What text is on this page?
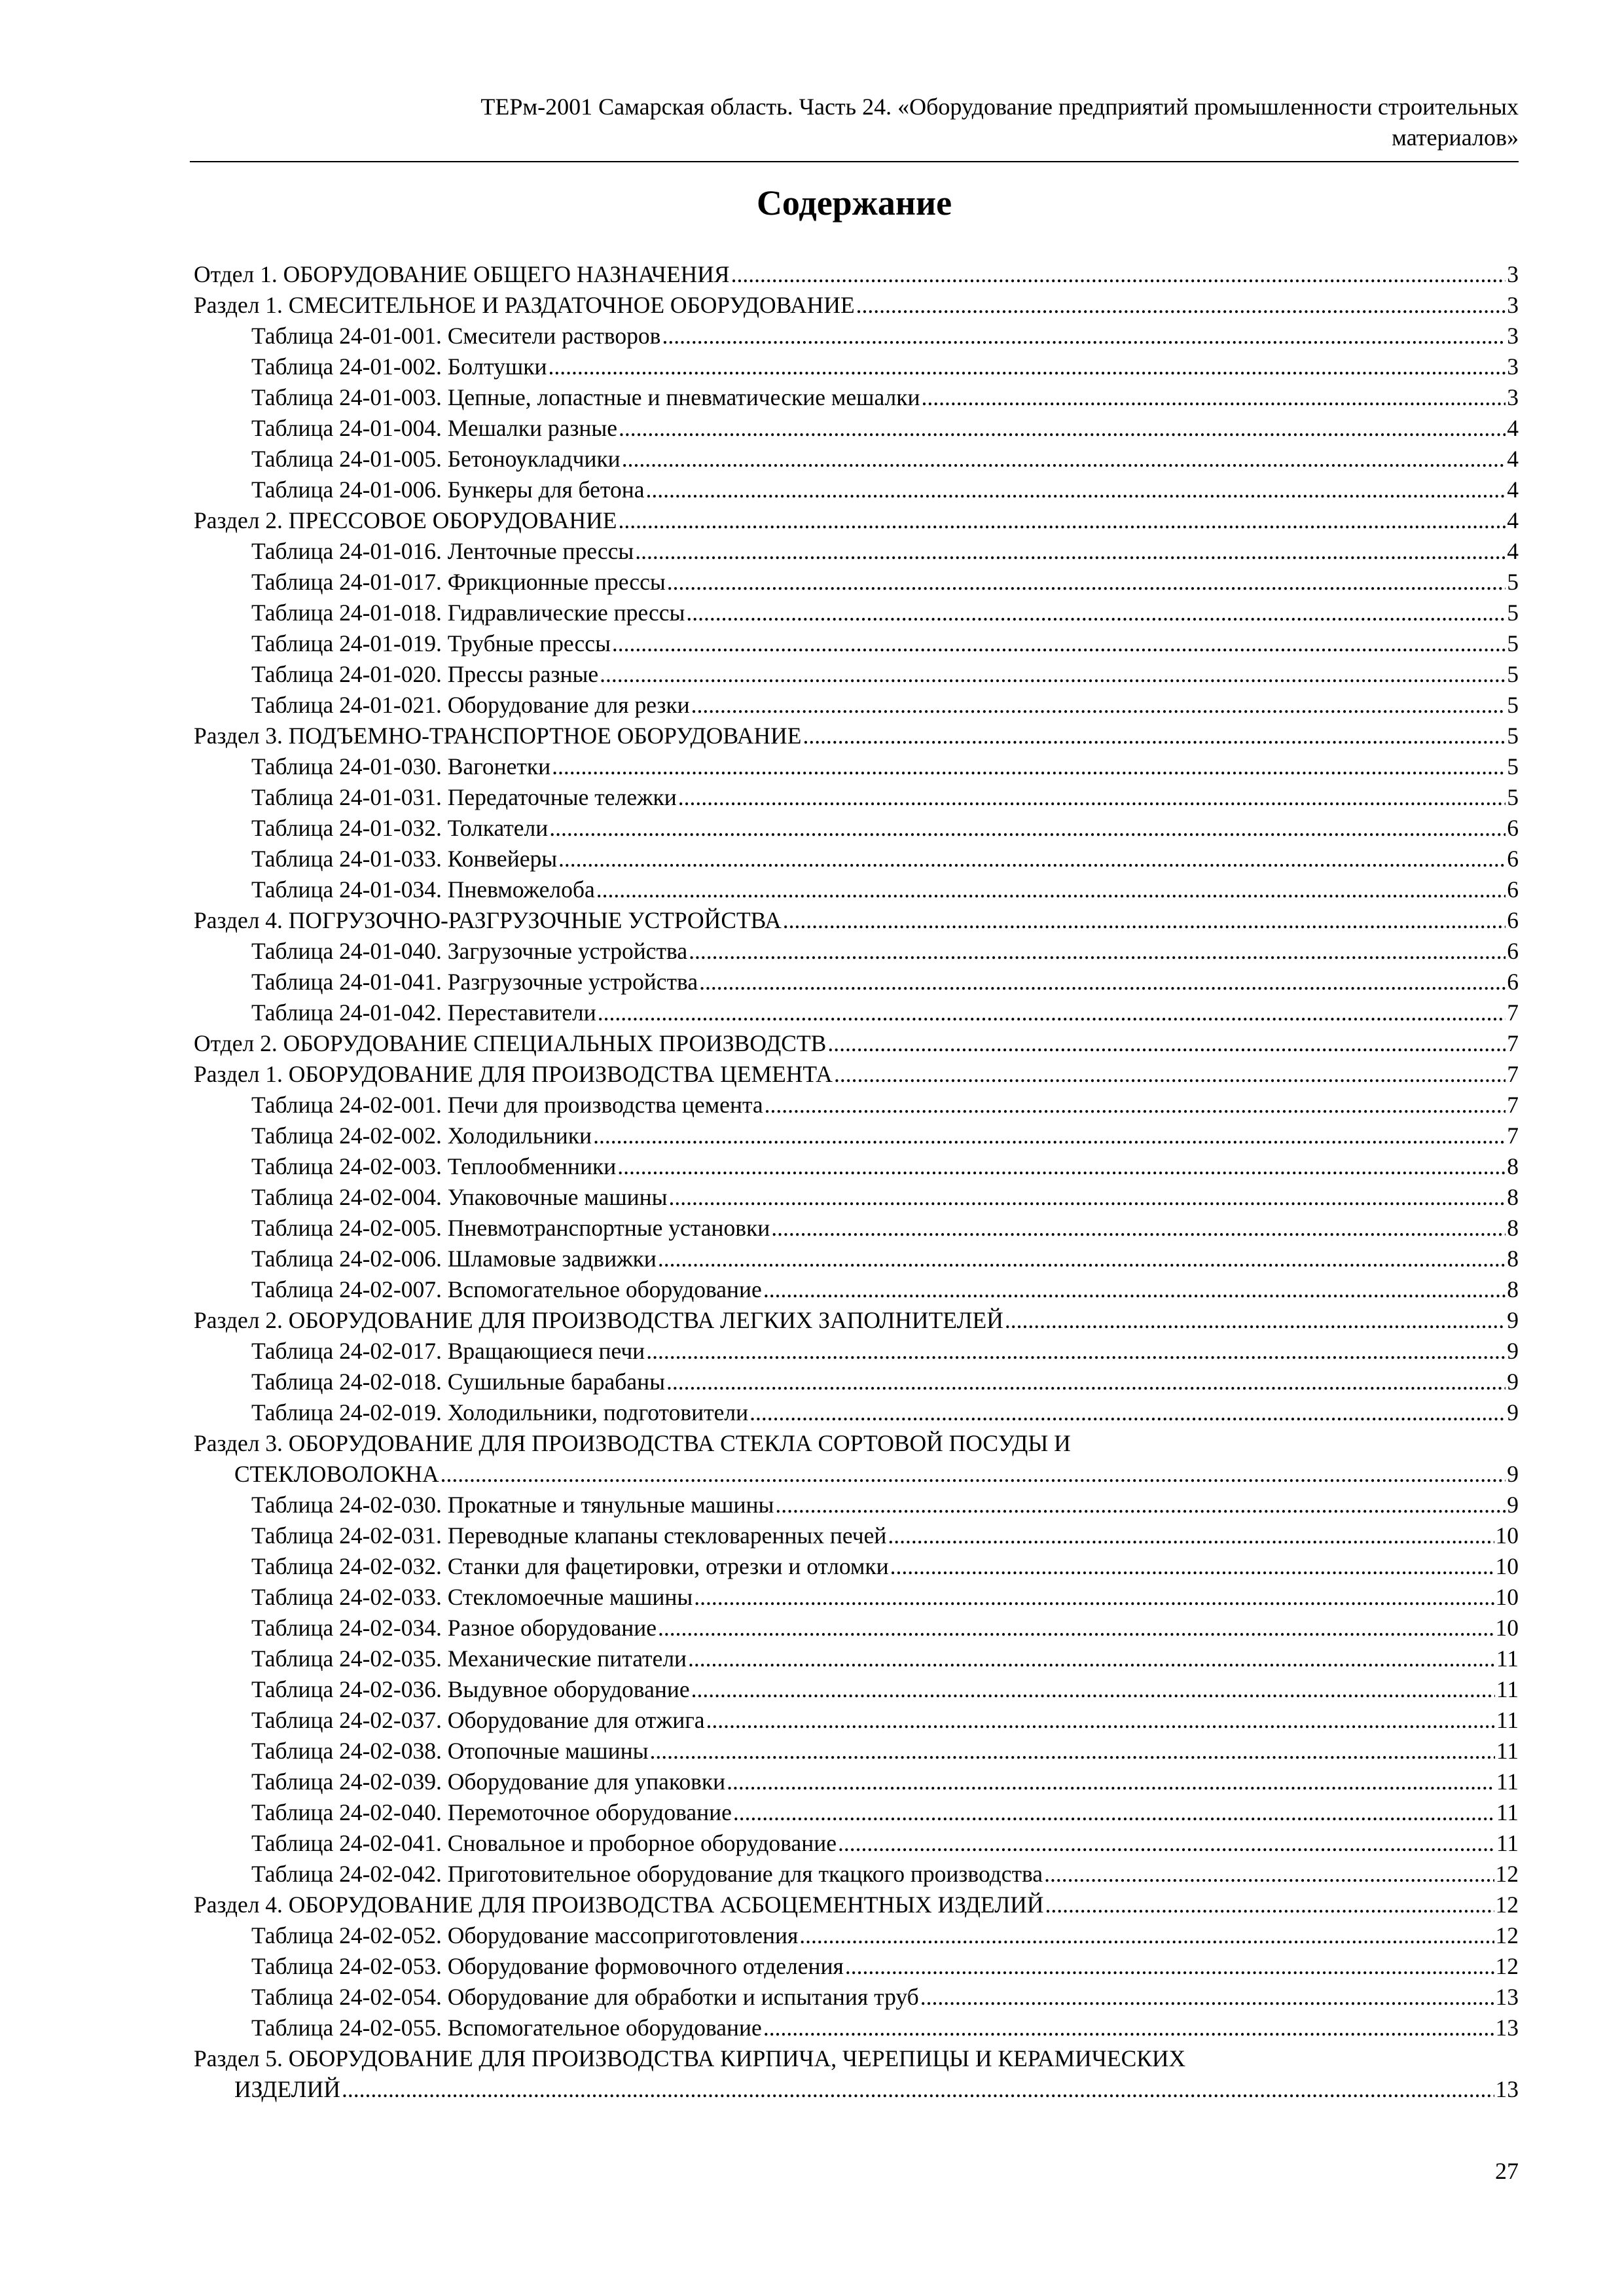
ТЕРм-2001 Самарская область. Часть 24. «Оборудование предприятий промышленности строительных
материалов»
Содержание
Отдел 1. ОБОРУДОВАНИЕ ОБЩЕГО НАЗНАЧЕНИЯ .....	3
Раздел 1. СМЕСИТЕЛЬНОЕ И РАЗДАТОЧНОЕ ОБОРУДОВАНИЕ .....	3
Таблица 24-01-001. Смесители растворов .....	3
Таблица 24-01-002. Болтушки .....	3
Таблица 24-01-003. Цепные, лопастные и пневматические мешалки .....	3
Таблица 24-01-004. Мешалки разные .....	4
Таблица 24-01-005. Бетоноукладчики .....	4
Таблица 24-01-006. Бункеры для бетона .....	4
Раздел 2. ПРЕССОВОЕ ОБОРУДОВАНИЕ .....	4
Таблица 24-01-016. Ленточные прессы .....	4
Таблица 24-01-017. Фрикционные прессы .....	5
Таблица 24-01-018. Гидравлические прессы .....	5
Таблица 24-01-019. Трубные прессы .....	5
Таблица 24-01-020. Прессы разные .....	5
Таблица 24-01-021. Оборудование для резки .....	5
Раздел 3. ПОДЪЕМНО-ТРАНСПОРТНОЕ ОБОРУДОВАНИЕ .....	5
Таблица 24-01-030. Вагонетки .....	5
Таблица 24-01-031. Передаточные тележки .....	5
Таблица 24-01-032. Толкатели .....	6
Таблица 24-01-033. Конвейеры .....	6
Таблица 24-01-034. Пневможелоба .....	6
Раздел 4. ПОГРУЗОЧНО-РАЗГРУЗОЧНЫЕ УСТРОЙСТВА .....	6
Таблица 24-01-040. Загрузочные устройства .....	6
Таблица 24-01-041. Разгрузочные устройства .....	6
Таблица 24-01-042. Переставители .....	7
Отдел 2. ОБОРУДОВАНИЕ СПЕЦИАЛЬНЫХ ПРОИЗВОДСТВ .....	7
Раздел 1. ОБОРУДОВАНИЕ ДЛЯ ПРОИЗВОДСТВА ЦЕМЕНТА .....	7
Таблица 24-02-001. Печи для производства цемента .....	7
Таблица 24-02-002. Холодильники .....	7
Таблица 24-02-003. Теплообменники .....	8
Таблица 24-02-004. Упаковочные машины .....	8
Таблица 24-02-005. Пневмотранспортные установки .....	8
Таблица 24-02-006. Шламовые задвижки .....	8
Таблица 24-02-007. Вспомогательное оборудование .....	8
Раздел 2. ОБОРУДОВАНИЕ ДЛЯ ПРОИЗВОДСТВА ЛЕГКИХ ЗАПОЛНИТЕЛЕЙ .....	9
Таблица 24-02-017. Вращающиеся печи .....	9
Таблица 24-02-018. Сушильные барабаны .....	9
Таблица 24-02-019. Холодильники, подготовители .....	9
Раздел 3. ОБОРУДОВАНИЕ ДЛЯ ПРОИЗВОДСТВА СТЕКЛА СОРТОВОЙ ПОСУДЫ И
СТЕКЛОВОЛОКНА .....	9
Таблица 24-02-030. Прокатные и тянульные машины .....	9
Таблица 24-02-031. Переводные клапаны стекловаренных печей .....	10
Таблица 24-02-032. Станки для фацетировки, отрезки и отломки .....	10
Таблица 24-02-033. Стекломоечные машины .....	10
Таблица 24-02-034. Разное оборудование .....	10
Таблица 24-02-035. Механические питатели .....	11
Таблица 24-02-036. Выдувное оборудование .....	11
Таблица 24-02-037. Оборудование для отжига .....	11
Таблица 24-02-038. Отопочные машины .....	11
Таблица 24-02-039. Оборудование для упаковки .....	11
Таблица 24-02-040. Перемоточное оборудование .....	11
Таблица 24-02-041. Сновальное и проборное оборудование .....	11
Таблица 24-02-042. Приготовительное оборудование для ткацкого производства .....	12
Раздел 4. ОБОРУДОВАНИЕ ДЛЯ ПРОИЗВОДСТВА АСБОЦЕМЕНТНЫХ ИЗДЕЛИЙ .....	12
Таблица 24-02-052. Оборудование массоприготовления .....	12
Таблица 24-02-053. Оборудование формовочного отделения .....	12
Таблица 24-02-054. Оборудование для обработки и испытания труб .....	13
Таблица 24-02-055. Вспомогательное оборудование .....	13
Раздел 5. ОБОРУДОВАНИЕ ДЛЯ ПРОИЗВОДСТВА КИРПИЧА, ЧЕРЕПИЦЫ И КЕРАМИЧЕСКИХ
ИЗДЕЛИЙ .....	13
27
